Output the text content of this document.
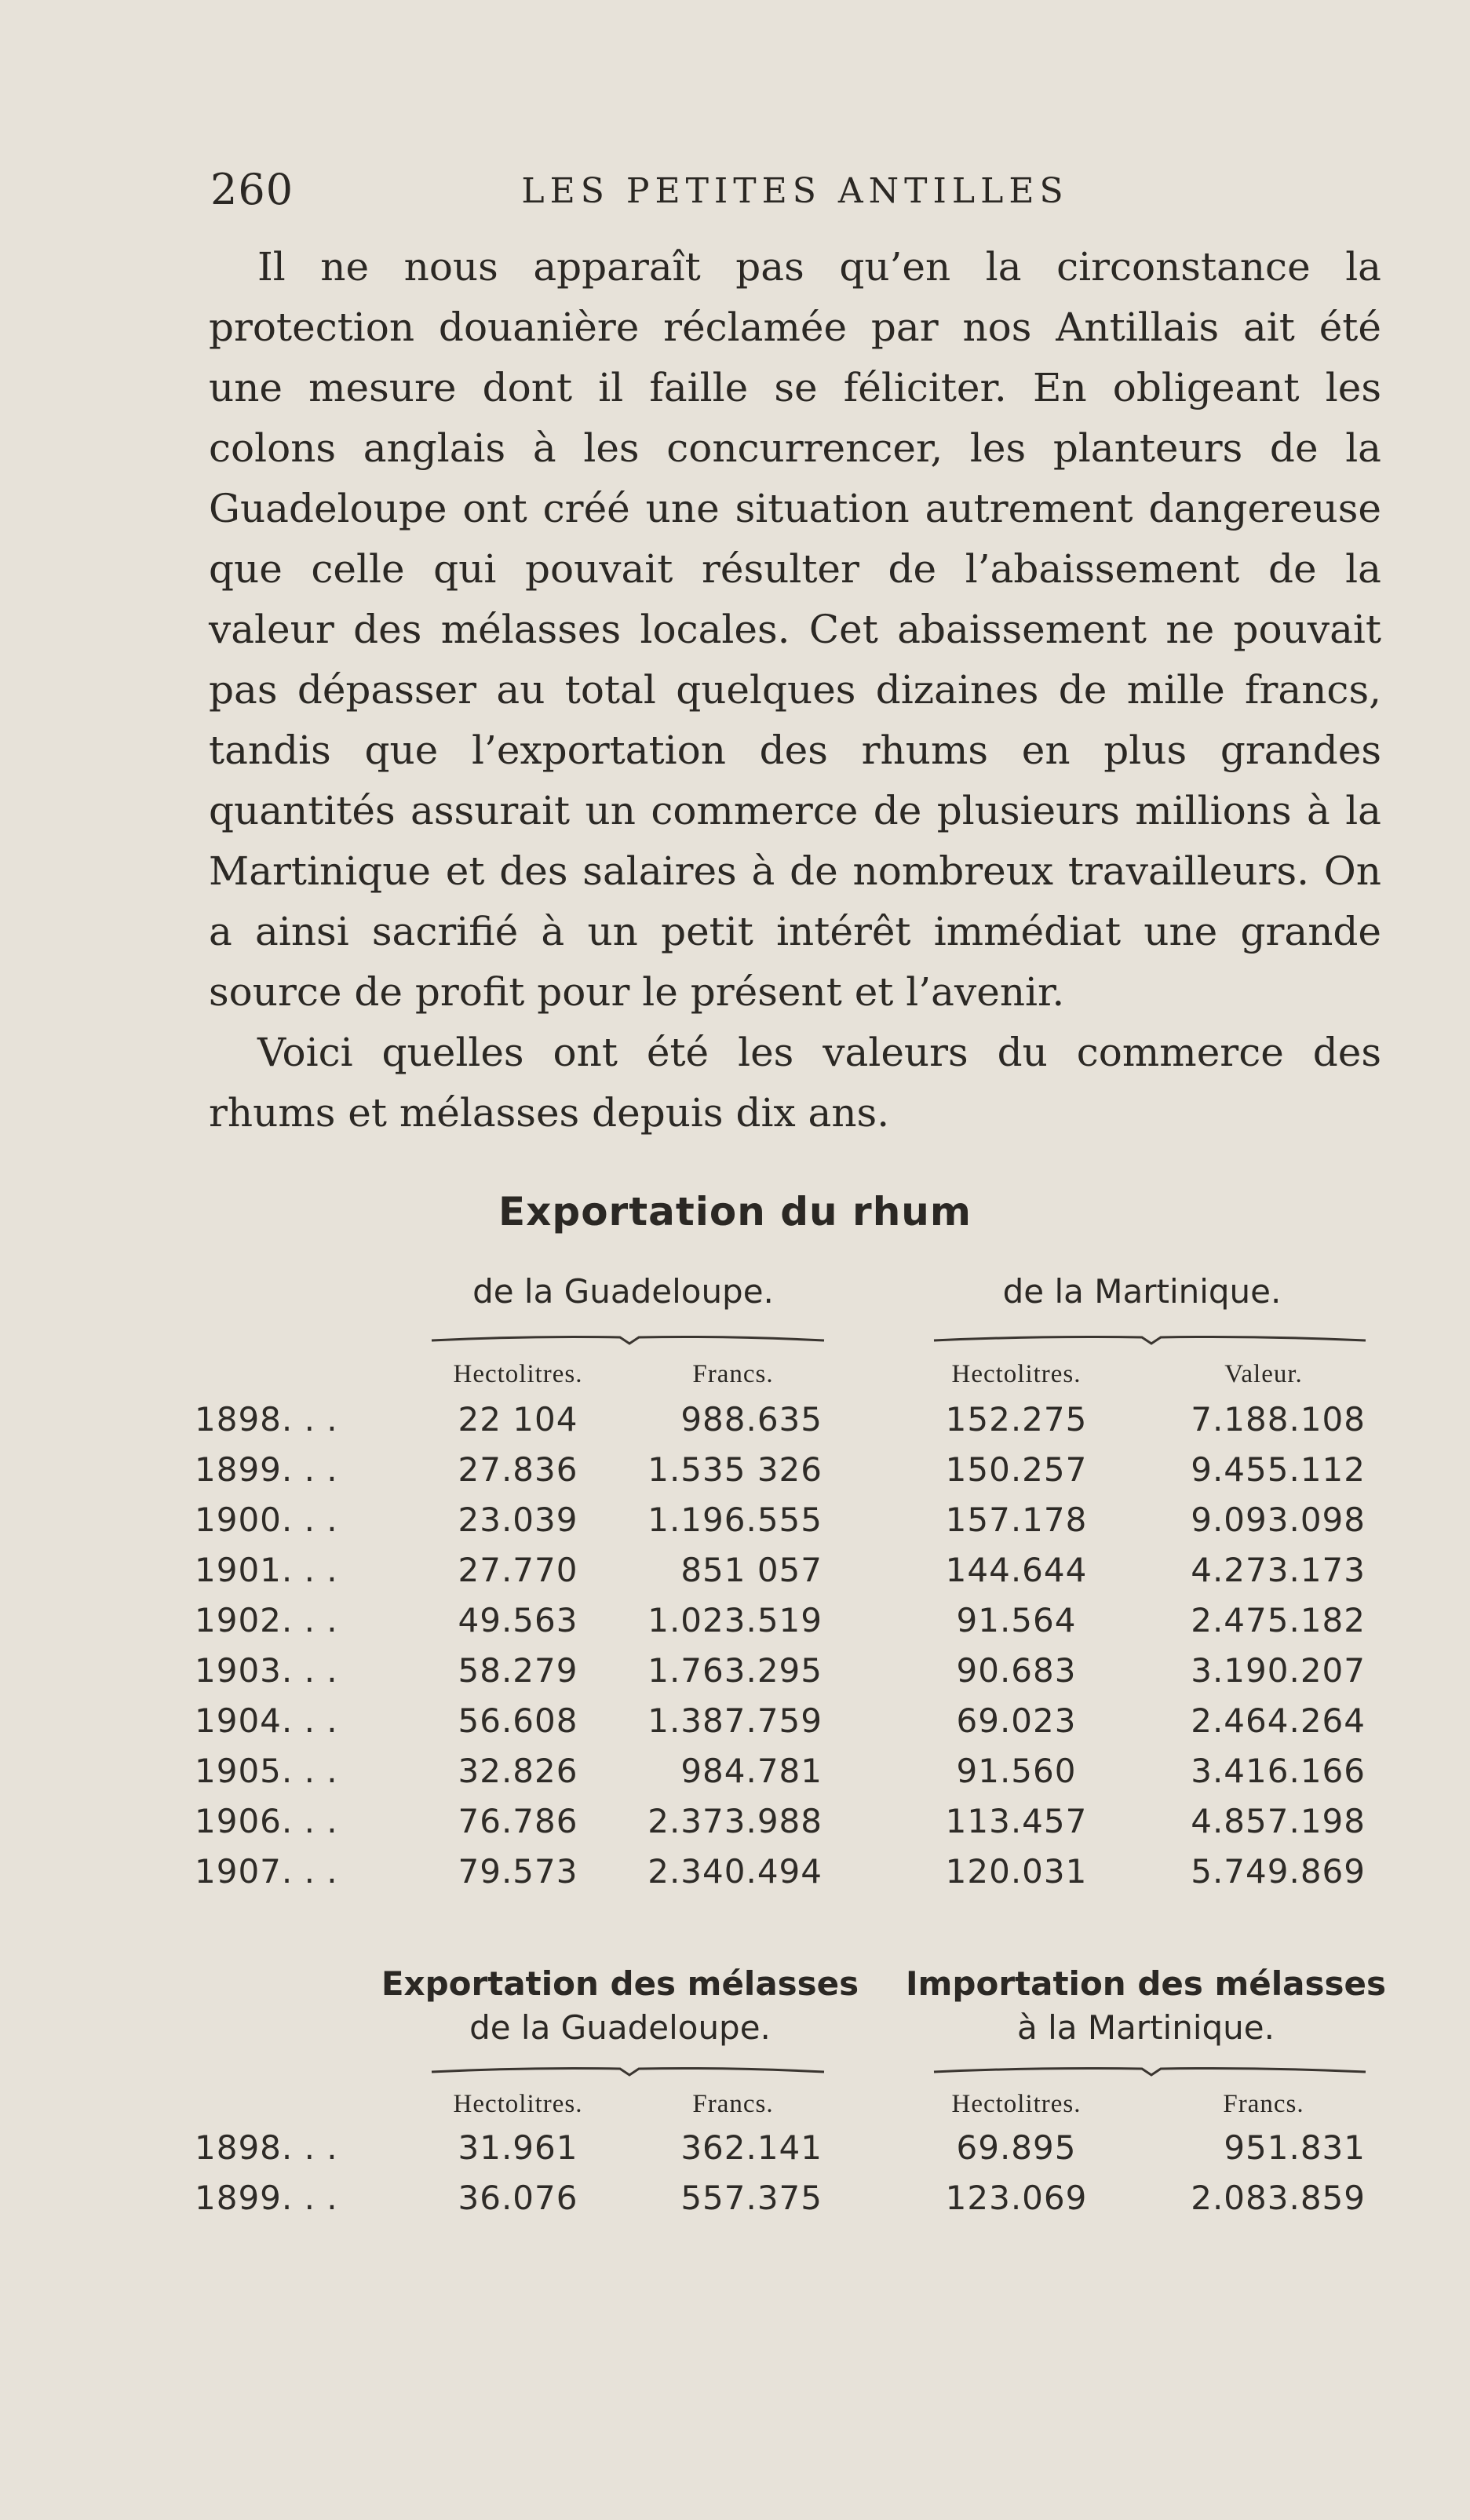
260	LES PETITES ANTILLES

Il ne nous apparaît pas qu’en la circonstance la protection douanière réclamée par nos Antillais ait été une mesure dont il faille se féliciter. En obligeant les colons anglais à les concurrencer, les planteurs de la Guadeloupe ont créé une situation autrement dangereuse que celle qui pouvait résulter de l’abaissement de la valeur des mélasses locales. Cet abaissement ne pouvait pas dépasser au total quelques dizaines de mille francs, tandis que l’exportation des rhums en plus grandes quantités assurait un commerce de plusieurs millions à la Martinique et des salaires à de nombreux travailleurs. On a ainsi sacrifié à un petit intérêt immédiat une grande source de profit pour le présent et l’avenir.

Voici quelles ont été les valeurs du commerce des rhums et mélasses depuis dix ans.

Exportation du rhum
de la Guadeloupe.	de la Martinique.
Hectolitres.	Francs.	Hectolitres.	Valeur.
1898. . .	22 104	988.635	152.275	7.188.108
1899. . .	27.836	1.535 326	150.257	9.455.112
1900. . .	23.039	1.196.555	157.178	9.093.098
1901. . .	27.770	851 057	144.644	4.273.173
1902. . .	49.563	1.023.519	91.564	2.475.182
1903. . .	58.279	1.763.295	90.683	3.190.207
1904. . .	56.608	1.387.759	69.023	2.464.264
1905. . .	32.826	984.781	91.560	3.416.166
1906. . .	76.786	2.373.988	113.457	4.857.198
1907. . .	79.573	2.340.494	120.031	5.749.869
Exportation des mélasses
de la Guadeloupe.
Importation des mélasses
à la Martinique.
Hectolitres.	Francs.	Hectolitres.	Francs.
1898. . .	31.961	362.141	69.895	951.831
1899. . .	36.076	557.375	123.069	2.083.859
